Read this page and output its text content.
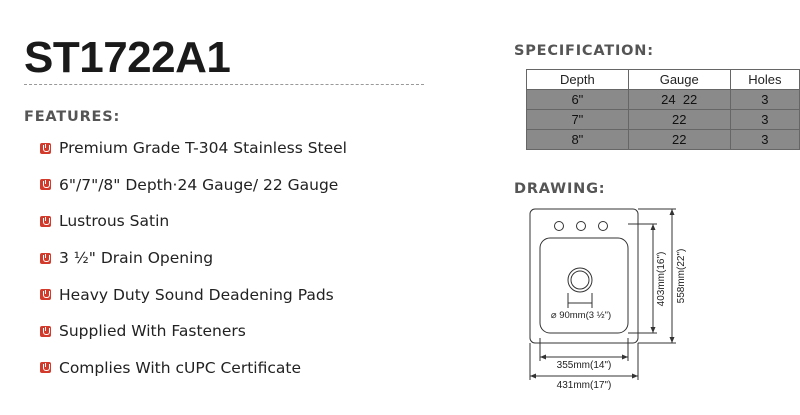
ST1722A1
FEATURES:
Premium Grade T-304 Stainless Steel
6"/7"/8" Depth·24 Gauge/ 22 Gauge
Lustrous Satin
3 ½" Drain Opening
Heavy Duty Sound Deadening Pads
Supplied With Fasteners
Complies With cUPC Certificate
SPECIFICATION:
Depth	Gauge	Holes
6"	24  22	3
7"	22	3
8"	22	3
DRAWING:
⌀ 90mm(3 ½")
355mm(14")
431mm(17")
403mm(16") 558mm(22")
